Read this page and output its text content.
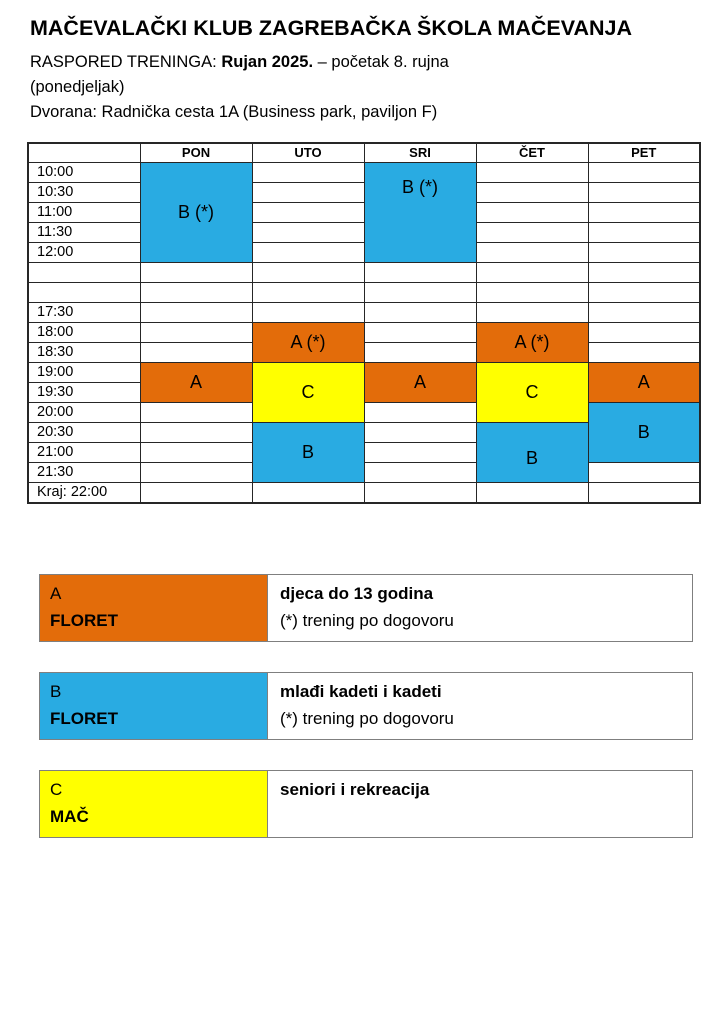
MAČEVALAČKI KLUB ZAGREBAČKA ŠKOLA MAČEVANJA
RASPORED TRENINGA: Rujan 2025. – početak 8. rujna
(ponedjeljak)
Dvorana: Radnička cesta 1A (Business park, paviljon F)
	PON	UTO	SRI	ČET	PET
10:00	B (*)		B (*)		
10:30					
11:00					
11:30					
12:00					

17:30					
18:00		A (*)		A (*)	
18:30					
19:00	A	C	A	C	A
19:30					
20:00					B
20:30		B		B	
21:00					
21:30					
Kraj: 22:00					
A
FLORET
djeca do 13 godina
(*) trening po dogovoru
B
FLORET
mlađi kadeti i kadeti
(*) trening po dogovoru
C
MAČ
seniori i rekreacija
